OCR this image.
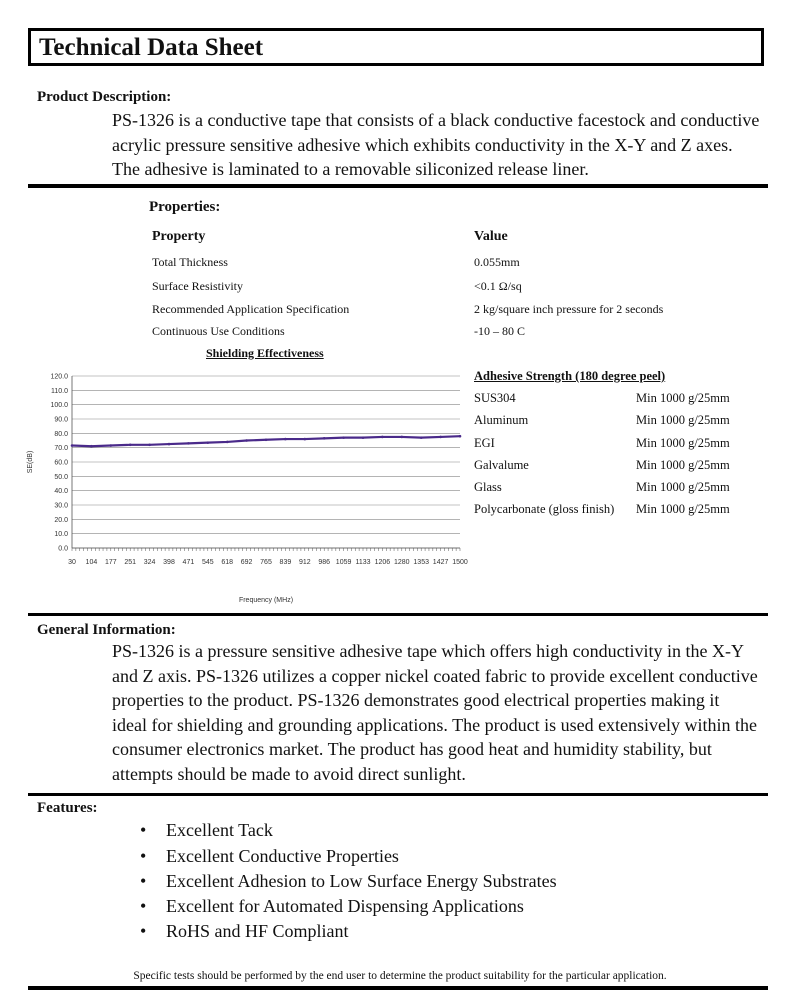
Technical Data Sheet
Product Description:
PS-1326 is a conductive tape that consists of a black conductive facestock and conductive
acrylic pressure sensitive adhesive which exhibits conductivity in the X-Y and Z axes.
The adhesive is laminated to a removable siliconized release liner.
Properties:
Property	Value
Total Thickness	0.055mm
Surface Resistivity	<0.1 Ω/sq
Recommended Application Specification	2 kg/square inch pressure for 2 seconds
Continuous Use Conditions	-10 – 80 C
Shielding Effectiveness
0.0
10.0
20.0
30.0
40.0
50.0
60.0
70.0
80.0
90.0
100.0
110.0
120.0
30 104 177 251 324 398 471 545 618 692 765 839 912 986 1059 1133 1206 1280 1353 1427 1500
SE(dB)
Frequency (MHz)
Adhesive Strength (180 degree peel)
SUS304	Min 1000 g/25mm
Aluminum	Min 1000 g/25mm
EGI	Min 1000 g/25mm
Galvalume	Min 1000 g/25mm
Glass	Min 1000 g/25mm
Polycarbonate (gloss finish) Min 1000 g/25mm
General Information:
PS-1326 is a pressure sensitive adhesive tape which offers high conductivity in the X-Y
and Z axis. PS-1326 utilizes a copper nickel coated fabric to provide excellent conductive
properties to the product. PS-1326 demonstrates good electrical properties making it
ideal for shielding and grounding applications. The product is used extensively within the
consumer electronics market. The product has good heat and humidity stability, but
attempts should be made to avoid direct sunlight.
Features:
• Excellent Tack
• Excellent Conductive Properties
• Excellent Adhesion to Low Surface Energy Substrates
• Excellent for Automated Dispensing Applications
• RoHS and HF Compliant
Specific tests should be performed by the end user to determine the product suitability for the particular application.
